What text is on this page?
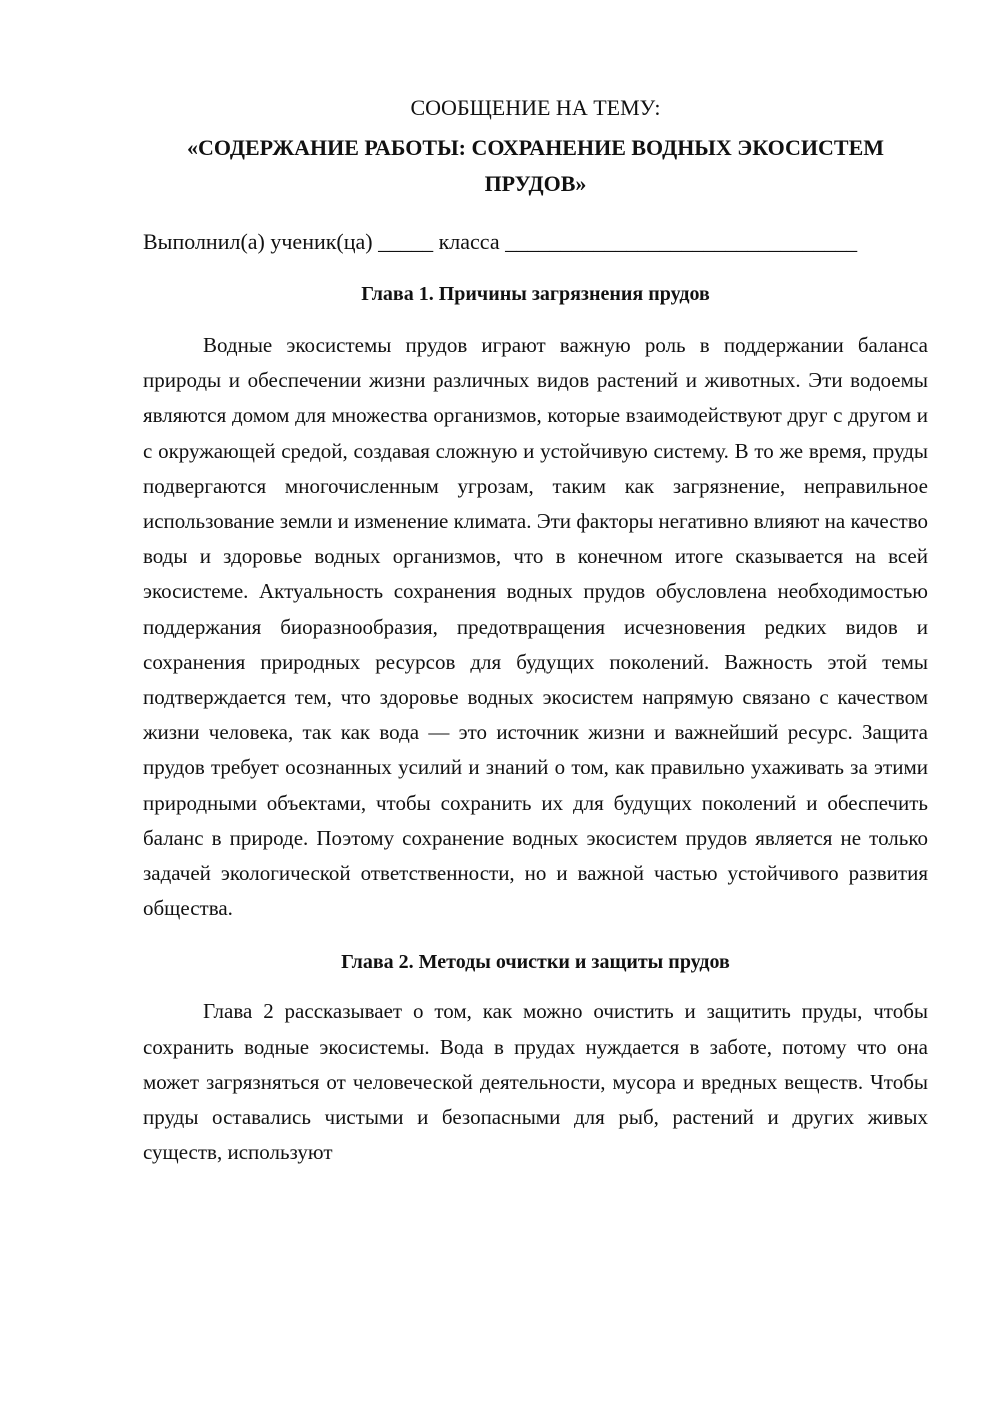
СООБЩЕНИЕ НА ТЕМУ:

«СОДЕРЖАНИЕ РАБОТЫ: СОХРАНЕНИЕ ВОДНЫХ ЭКОСИСТЕМ ПРУДОВ»

Выполнил(а) ученик(ца) _____ класса ________________________________

Глава 1. Причины загрязнения прудов

Водные экосистемы прудов играют важную роль в поддержании баланса природы и обеспечении жизни различных видов растений и животных. Эти водоемы являются домом для множества организмов, которые взаимодействуют друг с другом и с окружающей средой, создавая сложную и устойчивую систему. В то же время, пруды подвергаются многочисленным угрозам, таким как загрязнение, неправильное использование земли и изменение климата. Эти факторы негативно влияют на качество воды и здоровье водных организмов, что в конечном итоге сказывается на всей экосистеме. Актуальность сохранения водных прудов обусловлена необходимостью поддержания биоразнообразия, предотвращения исчезновения редких видов и сохранения природных ресурсов для будущих поколений. Важность этой темы подтверждается тем, что здоровье водных экосистем напрямую связано с качеством жизни человека, так как вода — это источник жизни и важнейший ресурс. Защита прудов требует осознанных усилий и знаний о том, как правильно ухаживать за этими природными объектами, чтобы сохранить их для будущих поколений и обеспечить баланс в природе. Поэтому сохранение водных экосистем прудов является не только задачей экологической ответственности, но и важной частью устойчивого развития общества.

Глава 2. Методы очистки и защиты прудов

Глава 2 рассказывает о том, как можно очистить и защитить пруды, чтобы сохранить водные экосистемы. Вода в прудах нуждается в заботе, потому что она может загрязняться от человеческой деятельности, мусора и вредных веществ. Чтобы пруды оставались чистыми и безопасными для рыб, растений и других живых существ, используют
